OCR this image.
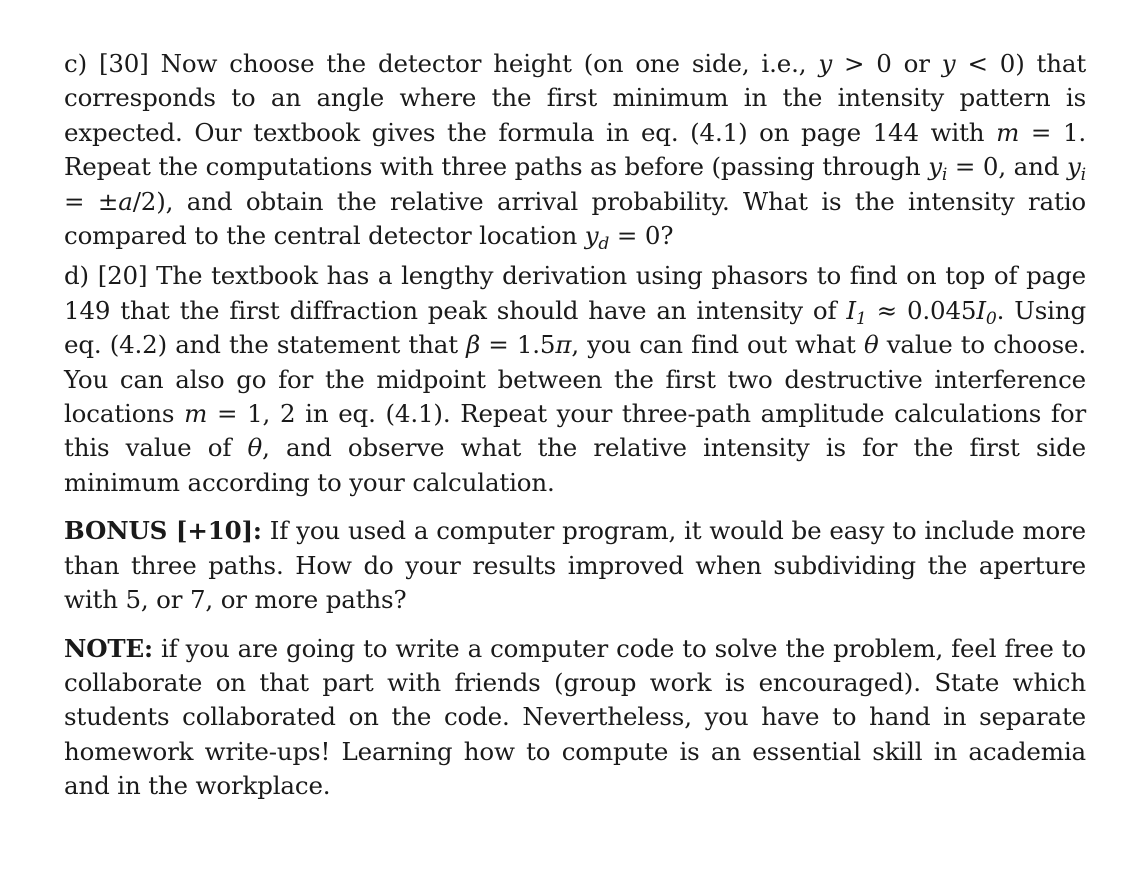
c) [30] Now choose the detector height (on one side, i.e., y > 0 or y < 0) that corresponds to an angle where the first minimum in the intensity pattern is expected. Our textbook gives the formula in eq. (4.1) on page 144 with m = 1. Repeat the computations with three paths as before (passing through $y_i = 0$, and $y_i = \pm a/2$), and obtain the relative arrival probability. What is the intensity ratio compared to the central detector location $y_d = 0$?

d) [20] The textbook has a lengthy derivation using phasors to find on top of page 149 that the first diffraction peak should have an intensity of $I_1 \approx 0.045I_0$. Using eq. (4.2) and the statement that β = 1.5π, you can find out what θ value to choose. You can also go for the midpoint between the first two destructive interference locations m = 1, 2 in eq. (4.1). Repeat your three-path amplitude calculations for this value of θ, and observe what the relative intensity is for the first side minimum according to your calculation.

BONUS [+10]: If you used a computer program, it would be easy to include more than three paths. How do your results improved when subdividing the aperture with 5, or 7, or more paths?

NOTE: if you are going to write a computer code to solve the problem, feel free to collaborate on that part with friends (group work is encouraged). State which students collaborated on the code. Nevertheless, you have to hand in separate homework write-ups! Learning how to compute is an essential skill in academia and in the workplace.
